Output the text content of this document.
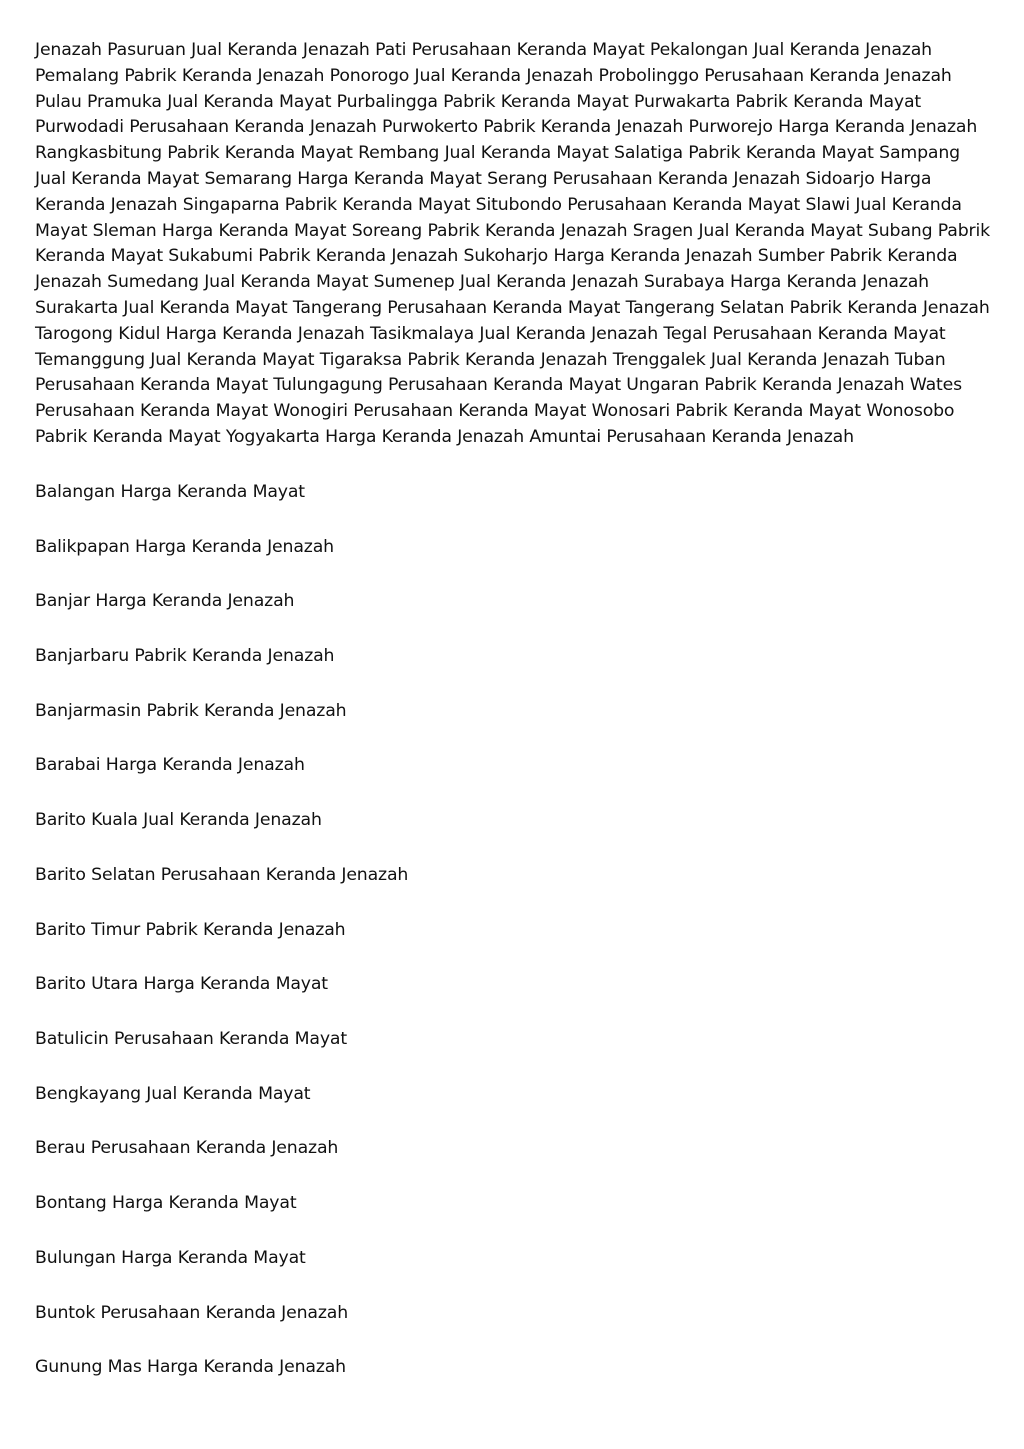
Jenazah Pasuruan Jual Keranda Jenazah Pati Perusahaan Keranda Mayat Pekalongan Jual Keranda Jenazah Pemalang Pabrik Keranda Jenazah Ponorogo Jual Keranda Jenazah Probolinggo Perusahaan Keranda Jenazah Pulau Pramuka Jual Keranda Mayat Purbalingga Pabrik Keranda Mayat Purwakarta Pabrik Keranda Mayat Purwodadi Perusahaan Keranda Jenazah Purwokerto Pabrik Keranda Jenazah Purworejo Harga Keranda Jenazah Rangkasbitung Pabrik Keranda Mayat Rembang Jual Keranda Mayat Salatiga Pabrik Keranda Mayat Sampang Jual Keranda Mayat Semarang Harga Keranda Mayat Serang Perusahaan Keranda Jenazah Sidoarjo Harga Keranda Jenazah Singaparna Pabrik Keranda Mayat Situbondo Perusahaan Keranda Mayat Slawi Jual Keranda Mayat Sleman Harga Keranda Mayat Soreang Pabrik Keranda Jenazah Sragen Jual Keranda Mayat Subang Pabrik Keranda Mayat Sukabumi Pabrik Keranda Jenazah Sukoharjo Harga Keranda Jenazah Sumber Pabrik Keranda Jenazah Sumedang Jual Keranda Mayat Sumenep Jual Keranda Jenazah Surabaya Harga Keranda Jenazah Surakarta Jual Keranda Mayat Tangerang Perusahaan Keranda Mayat Tangerang Selatan Pabrik Keranda Jenazah Tarogong Kidul Harga Keranda Jenazah Tasikmalaya Jual Keranda Jenazah Tegal Perusahaan Keranda Mayat Temanggung Jual Keranda Mayat Tigaraksa Pabrik Keranda Jenazah Trenggalek Jual Keranda Jenazah Tuban Perusahaan Keranda Mayat Tulungagung Perusahaan Keranda Mayat Ungaran Pabrik Keranda Jenazah Wates Perusahaan Keranda Mayat Wonogiri Perusahaan Keranda Mayat Wonosari Pabrik Keranda Mayat Wonosobo Pabrik Keranda Mayat Yogyakarta Harga Keranda Jenazah Amuntai Perusahaan Keranda Jenazah

Balangan Harga Keranda Mayat

Balikpapan Harga Keranda Jenazah

Banjar Harga Keranda Jenazah

Banjarbaru Pabrik Keranda Jenazah

Banjarmasin Pabrik Keranda Jenazah

Barabai Harga Keranda Jenazah

Barito Kuala Jual Keranda Jenazah

Barito Selatan Perusahaan Keranda Jenazah

Barito Timur Pabrik Keranda Jenazah

Barito Utara Harga Keranda Mayat

Batulicin Perusahaan Keranda Mayat

Bengkayang Jual Keranda Mayat

Berau Perusahaan Keranda Jenazah

Bontang Harga Keranda Mayat

Bulungan Harga Keranda Mayat

Buntok Perusahaan Keranda Jenazah

Gunung Mas Harga Keranda Jenazah
